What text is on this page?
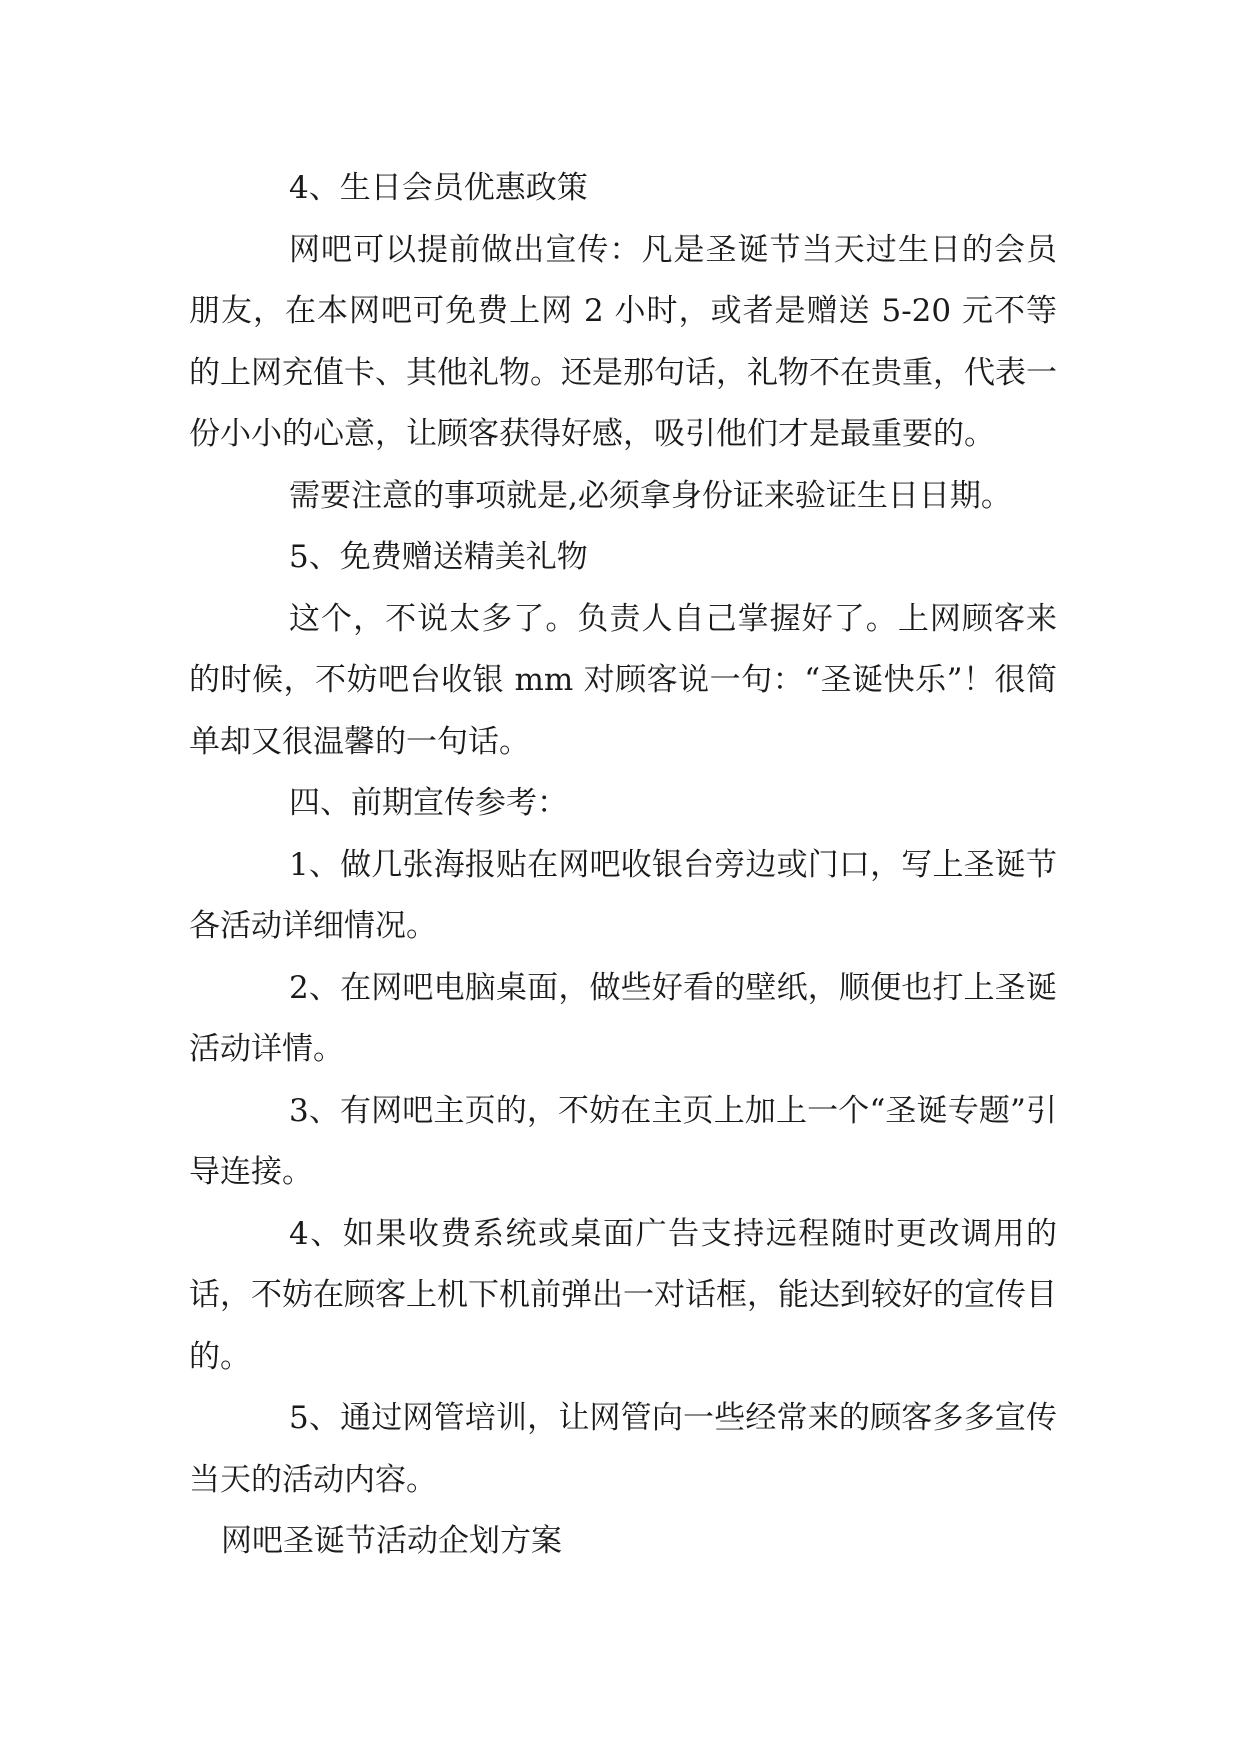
4、生日会员优惠政策

网吧可以提前做出宣传：凡是圣诞节当天过生日的会员朋友，在本网吧可免费上网 2 小时，或者是赠送 5-20 元不等的上网充值卡、其他礼物。还是那句话，礼物不在贵重，代表一份小小的心意，让顾客获得好感，吸引他们才是最重要的。

需要注意的事项就是,必须拿身份证来验证生日日期。

5、免费赠送精美礼物

这个，不说太多了。负责人自己掌握好了。上网顾客来的时候，不妨吧台收银 mm 对顾客说一句：“圣诞快乐”！很简单却又很温馨的一句话。

四、前期宣传参考：

1、做几张海报贴在网吧收银台旁边或门口，写上圣诞节各活动详细情况。

2、在网吧电脑桌面，做些好看的壁纸，顺便也打上圣诞活动详情。

3、有网吧主页的，不妨在主页上加上一个“圣诞专题”引导连接。

4、如果收费系统或桌面广告支持远程随时更改调用的话，不妨在顾客上机下机前弹出一对话框，能达到较好的宣传目的。

5、通过网管培训，让网管向一些经常来的顾客多多宣传当天的活动内容。

网吧圣诞节活动企划方案
